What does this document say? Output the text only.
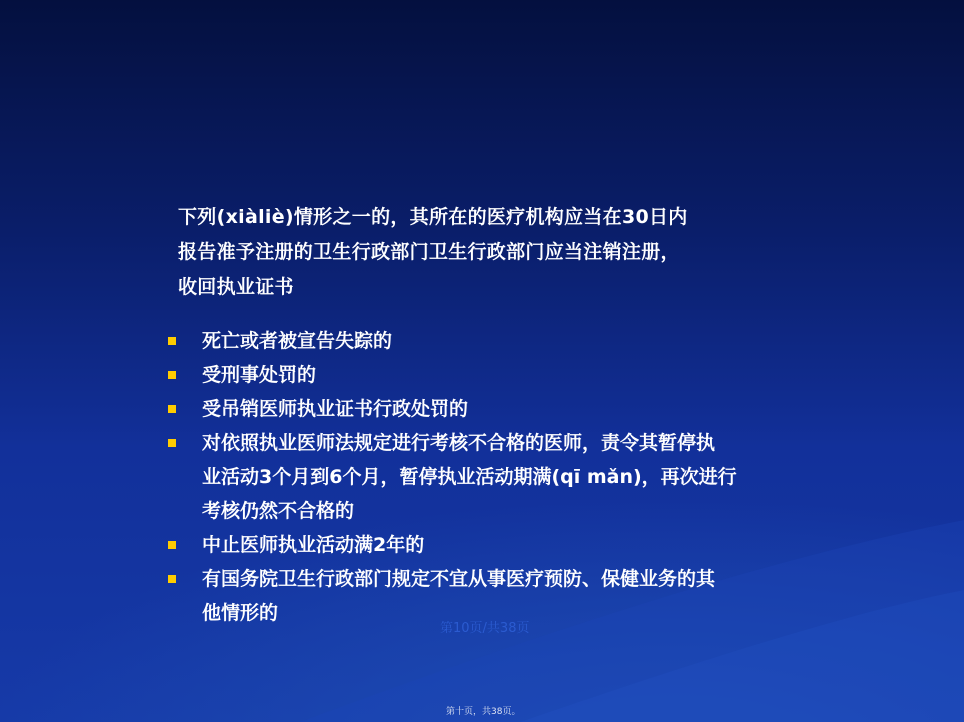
下列(xiàliè)情形之一的，其所在的医疗机构应当在30日内
报告准予注册的卫生行政部门卫生行政部门应当注销注册，
收回执业证书
死亡或者被宣告失踪的
受刑事处罚的
受吊销医师执业证书行政处罚的
对依照执业医师法规定进行考核不合格的医师，责令其暂停执
业活动3个月到6个月，暂停执业活动期满(qī mǎn)，再次进行
考核仍然不合格的
中止医师执业活动满2年的
有国务院卫生行政部门规定不宜从事医疗预防、保健业务的其
他情形的
第10页/共38页
第十页，共38页。
